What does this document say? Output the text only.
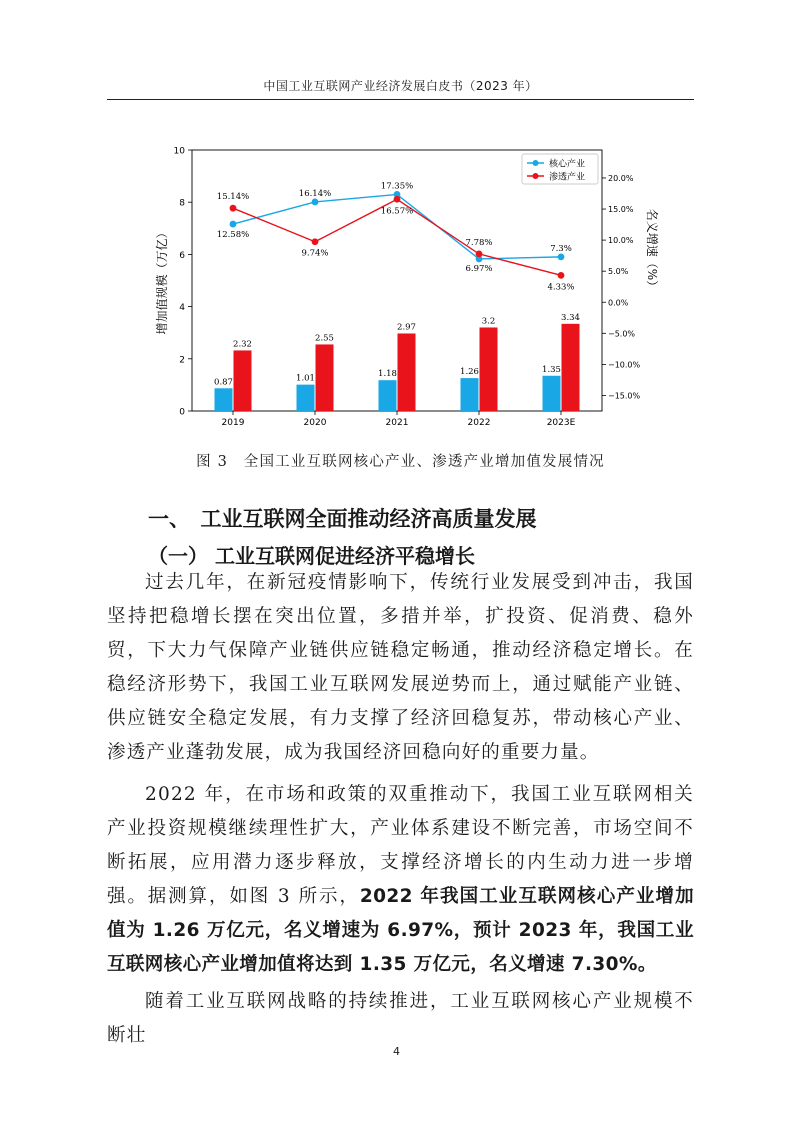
中国工业互联网产业经济发展白皮书（2023 年）
0
2
4
6
8
10
20.0%
15.0%
10.0%
5.0%
0.0%
−5.0%
−10.0%
−15.0%
2019	2020	2021	2022	2023E
增加值规模（万亿）	名义增速（%）
0.87	1.01	1.18	1.26	1.35
2.32
2.55
2.97
3.2	3.34
12.58%
16.14%
17.35%
6.97%
7.3%
15.14%
9.74%
16.57%
7.78%
4.33%
核心产业
渗透产业
图 3　全国工业互联网核心产业、渗透产业增加值发展情况
一、　工业互联网全面推动经济高质量发展
（一） 工业互联网促进经济平稳增长

过去几年，在新冠疫情影响下，传统行业发展受到冲击，我国坚持把稳增长摆在突出位置，多措并举，扩投资、促消费、稳外贸，下大力气保障产业链供应链稳定畅通，推动经济稳定增长。在稳经济形势下，我国工业互联网发展逆势而上，通过赋能产业链、供应链安全稳定发展，有力支撑了经济回稳复苏，带动核心产业、渗透产业蓬勃发展，成为我国经济回稳向好的重要力量。

2022 年，在市场和政策的双重推动下，我国工业互联网相关产业投资规模继续理性扩大，产业体系建设不断完善，市场空间不断拓展，应用潜力逐步释放，支撑经济增长的内生动力进一步增强。据测算，如图 3 所示，2022 年我国工业互联网核心产业增加值为 1.26 万亿元，名义增速为 6.97%，预计 2023 年，我国工业互联网核心产业增加值将达到 1.35 万亿元，名义增速 7.30%。

随着工业互联网战略的持续推进，工业互联网核心产业规模不断壮

4
